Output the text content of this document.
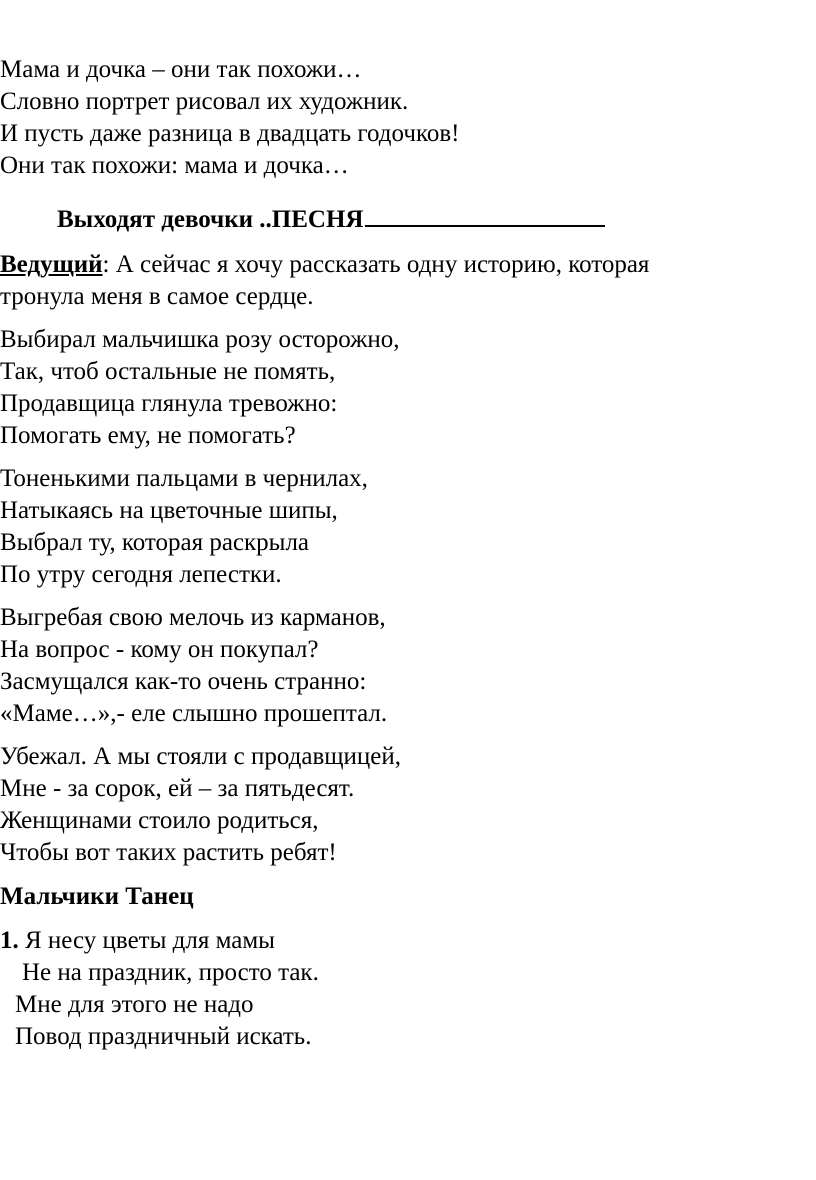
Мама и дочка – они так похожи…
Словно портрет рисовал их художник.
И пусть даже разница в двадцать годочков!
Они так похожи: мама и дочка…
Выходят девочки ..ПЕСНЯ
Ведущий: А сейчас я хочу рассказать одну историю, которая
тронула меня в самое сердце.
Выбирал мальчишка розу осторожно,
Так, чтоб остальные не помять,
Продавщица глянула тревожно:
Помогать ему, не помогать?
Тоненькими пальцами в чернилах,
Натыкаясь на цветочные шипы,
Выбрал ту, которая раскрыла
По утру сегодня лепестки.
Выгребая свою мелочь из карманов,
На вопрос - кому он покупал?
Засмущался как-то очень странно:
«Маме…»,- еле слышно прошептал.
Убежал. А мы стояли с продавщицей,
Мне - за сорок, ей – за пятьдесят.
Женщинами стоило родиться,
Чтобы вот таких растить ребят!
Мальчики Танец
1. Я несу цветы для мамы
Не на праздник, просто так.
Мне для этого не надо
Повод праздничный искать.
